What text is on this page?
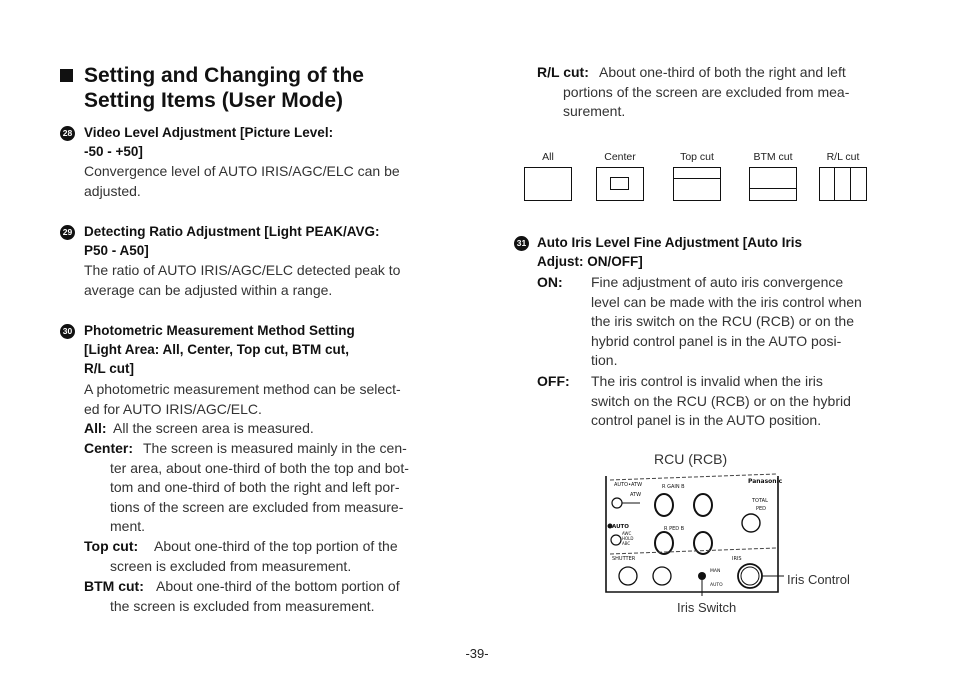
Setting and Changing of the
Setting Items (User Mode)
28 Video Level Adjustment [Picture Level:
-50 - +50]
Convergence level of AUTO IRIS/AGC/ELC can be
adjusted.
29 Detecting Ratio Adjustment [Light PEAK/AVG:
P50 - A50]
The ratio of AUTO IRIS/AGC/ELC detected peak to
average can be adjusted within a range.
30 Photometric Measurement Method Setting
[Light Area: All, Center, Top cut, BTM cut,
R/L cut]
A photometric measurement method can be select-
ed for AUTO IRIS/AGC/ELC.
All: All the screen area is measured.
Center: The screen is measured mainly in the cen-
ter area, about one-third of both the top and bot-
tom and one-third of both the right and left por-
tions of the screen are excluded from measure-
ment.
Top cut: About one-third of the top portion of the
screen is excluded from measurement.
BTM cut: About one-third of the bottom portion of
the screen is excluded from measurement.
R/L cut: About one-third of both the right and left
portions of the screen are excluded from mea-
surement.
All	Center	Top cut	BTM cut	R/L cut
31 Auto Iris Level Fine Adjustment [Auto Iris
Adjust: ON/OFF]
ON: Fine adjustment of auto iris convergence
level can be made with the iris control when
the iris switch on the RCU (RCB) or on the
hybrid control panel is in the AUTO posi-
tion.
OFF: The iris control is invalid when the iris
switch on the RCU (RCB) or on the hybrid
control panel is in the AUTO position.
RCU (RCB)
AUTO•ATW	Panasonic
R GAIN B
ATW
TOTAL
PED
AUTO
AWC
HOLD
ABC
R PED B
SHUTTER	IRIS
MAN
AUTO	Iris Control
Iris Switch
-39-
